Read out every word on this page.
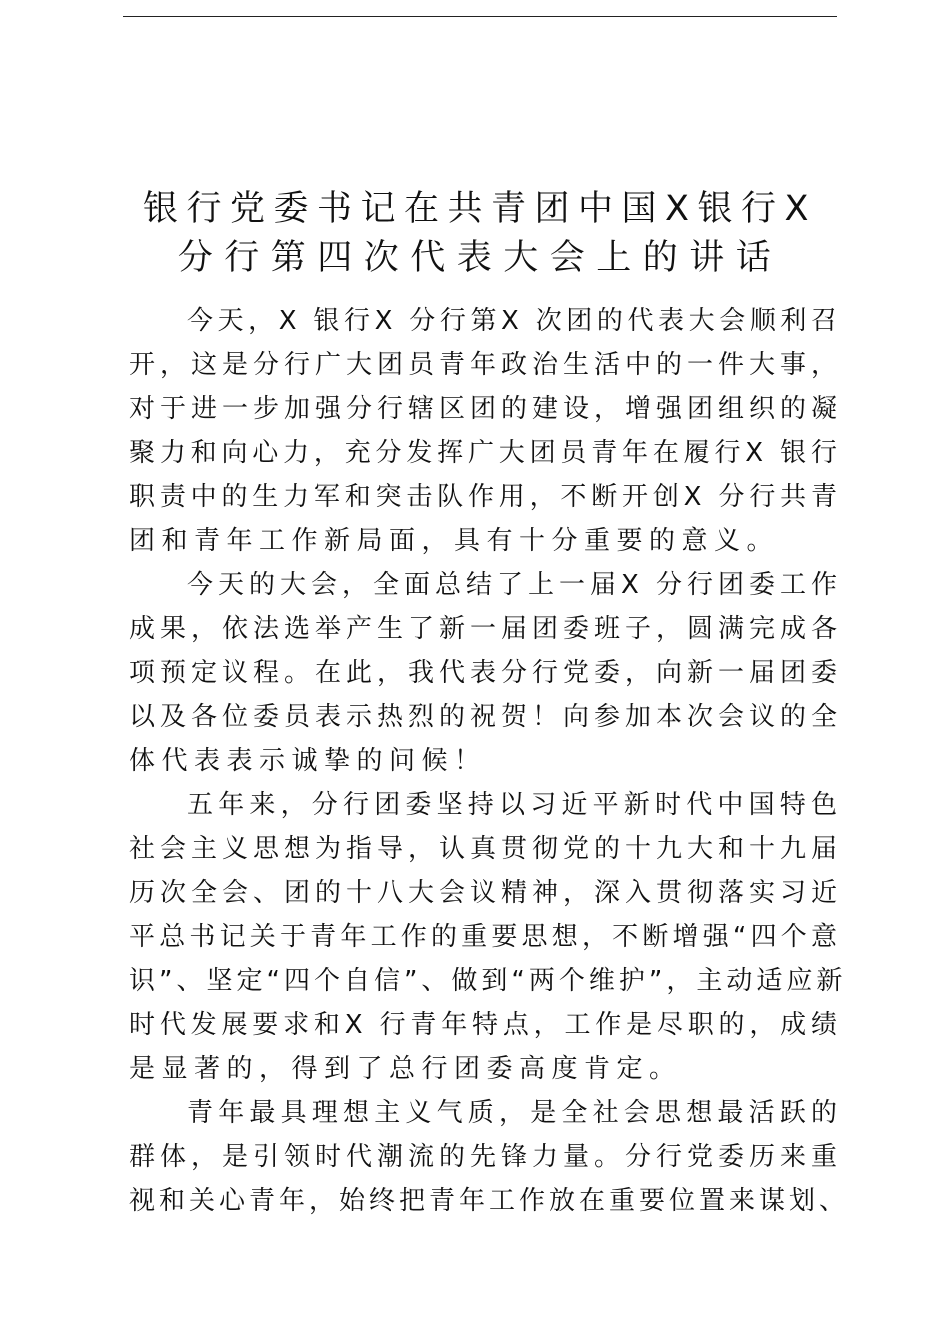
银行党委书记在共青团中国X银行X
分行第四次代表大会上的讲话
今天，X 银行X 分行第X 次团的代表大会顺利召
开，这是分行广大团员青年政治生活中的一件大事，
对于进一步加强分行辖区团的建设，增强团组织的凝
聚力和向心力，充分发挥广大团员青年在履行X 银行
职责中的生力军和突击队作用，不断开创X 分行共青
团和青年工作新局面，具有十分重要的意义。
今天的大会，全面总结了上一届X 分行团委工作
成果，依法选举产生了新一届团委班子，圆满完成各
项预定议程。在此，我代表分行党委，向新一届团委
以及各位委员表示热烈的祝贺！向参加本次会议的全
体代表表示诚挚的问候！
五年来，分行团委坚持以习近平新时代中国特色
社会主义思想为指导，认真贯彻党的十九大和十九届
历次全会、团的十八大会议精神，深入贯彻落实习近
平总书记关于青年工作的重要思想，不断增强“四个意
识”、坚定“四个自信”、做到“两个维护”，主动适应新
时代发展要求和X 行青年特点，工作是尽职的，成绩
是显著的，得到了总行团委高度肯定。
青年最具理想主义气质，是全社会思想最活跃的
群体，是引领时代潮流的先锋力量。分行党委历来重
视和关心青年，始终把青年工作放在重要位置来谋划、
